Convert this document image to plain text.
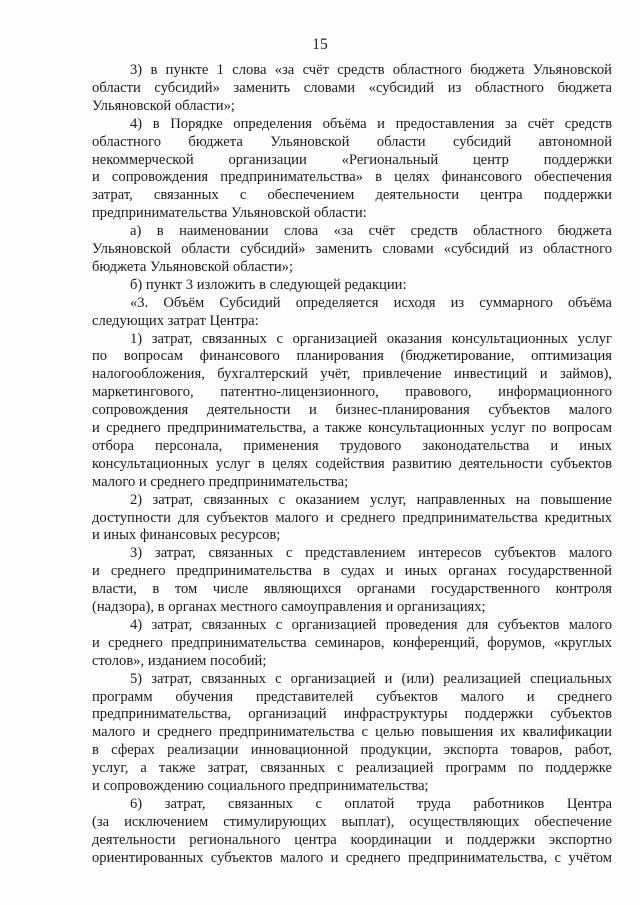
15
3) в пункте 1 слова «за счёт средств областного бюджета Ульяновской
области субсидий» заменить словами «субсидий из областного бюджета
Ульяновской области»;
4) в Порядке определения объёма и предоставления за счёт средств
областного бюджета Ульяновской области субсидий автономной
некоммерческой организации «Региональный центр поддержки
и сопровождения предпринимательства» в целях финансового обеспечения
затрат, связанных с обеспечением деятельности центра поддержки
предпринимательства Ульяновской области:
а) в наименовании слова «за счёт средств областного бюджета
Ульяновской области субсидий» заменить словами «субсидий из областного
бюджета Ульяновской области»;
б) пункт 3 изложить в следующей редакции:
«3. Объём Субсидий определяется исходя из суммарного объёма
следующих затрат Центра:
1) затрат, связанных с организацией оказания консультационных услуг
по вопросам финансового планирования (бюджетирование, оптимизация
налогообложения, бухгалтерский учёт, привлечение инвестиций и займов),
маркетингового, патентно-лицензионного, правового, информационного
сопровождения деятельности и бизнес-планирования субъектов малого
и среднего предпринимательства, а также консультационных услуг по вопросам
отбора персонала, применения трудового законодательства и иных
консультационных услуг в целях содействия развитию деятельности субъектов
малого и среднего предпринимательства;
2) затрат, связанных с оказанием услуг, направленных на повышение
доступности для субъектов малого и среднего предпринимательства кредитных
и иных финансовых ресурсов;
3) затрат, связанных с представлением интересов субъектов малого
и среднего предпринимательства в судах и иных органах государственной
власти, в том числе являющихся органами государственного контроля
(надзора), в органах местного самоуправления и организациях;
4) затрат, связанных с организацией проведения для субъектов малого
и среднего предпринимательства семинаров, конференций, форумов, «круглых
столов», изданием пособий;
5) затрат, связанных с организацией и (или) реализацией специальных
программ обучения представителей субъектов малого и среднего
предпринимательства, организаций инфраструктуры поддержки субъектов
малого и среднего предпринимательства с целью повышения их квалификации
в сферах реализации инновационной продукции, экспорта товаров, работ,
услуг, а также затрат, связанных с реализацией программ по поддержке
и сопровождению социального предпринимательства;
6) затрат, связанных с оплатой труда работников Центра
(за исключением стимулирующих выплат), осуществляющих обеспечение
деятельности регионального центра координации и поддержки экспортно
ориентированных субъектов малого и среднего предпринимательства, с учётом
